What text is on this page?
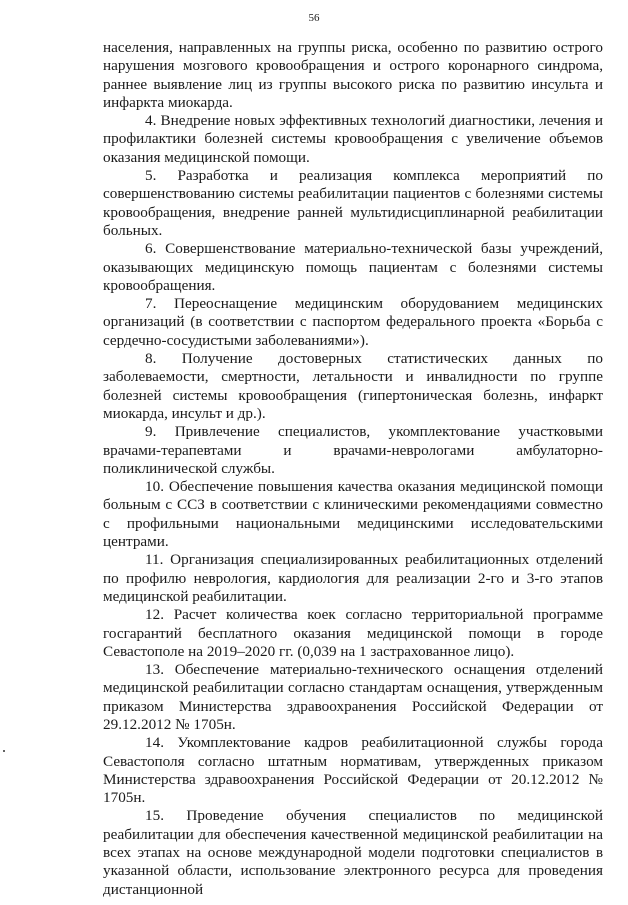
56

населения, направленных на группы риска, особенно по развитию острого нарушения мозгового кровообращения и острого коронарного синдрома, раннее выявление лиц из группы высокого риска по развитию инсульта и инфаркта миокарда.

4. Внедрение новых эффективных технологий диагностики, лечения и профилактики болезней системы кровообращения с увеличение объемов оказания медицинской помощи.

5. Разработка и реализация комплекса мероприятий по совершенствованию системы реабилитации пациентов с болезнями системы кровообращения, внедрение ранней мультидисциплинарной реабилитации больных.

6. Совершенствование материально-технической базы учреждений, оказывающих медицинскую помощь пациентам с болезнями системы кровообращения.

7. Переоснащение медицинским оборудованием медицинских организаций (в соответствии с паспортом федерального проекта «Борьба с сердечно-сосудистыми заболеваниями»).

8. Получение достоверных статистических данных по заболеваемости, смертности, летальности и инвалидности по группе болезней системы кровообращения (гипертоническая болезнь, инфаркт миокарда, инсульт и др.).

9. Привлечение специалистов, укомплектование участковыми врачами-терапевтами и врачами-неврологами амбулаторно-поликлинической службы.

10. Обеспечение повышения качества оказания медицинской помощи больным с ССЗ в соответствии с клиническими рекомендациями совместно с профильными национальными медицинскими исследовательскими центрами.

11. Организация специализированных реабилитационных отделений по профилю неврология, кардиология для реализации 2-го и 3-го этапов медицинской реабилитации.

12. Расчет количества коек согласно территориальной программе госгарантий бесплатного оказания медицинской помощи в городе Севастополе на 2019–2020 гг. (0,039 на 1 застрахованное лицо).

13. Обеспечение материально-технического оснащения отделений медицинской реабилитации согласно стандартам оснащения, утвержденным приказом Министерства здравоохранения Российской Федерации от 29.12.2012 № 1705н.

14. Укомплектование кадров реабилитационной службы города Севастополя согласно штатным нормативам, утвержденных приказом Министерства здравоохранения Российской Федерации от 20.12.2012 № 1705н.

15. Проведение обучения специалистов по медицинской реабилитации для обеспечения качественной медицинской реабилитации на всех этапах на основе международной модели подготовки специалистов в указанной области, использование электронного ресурса для проведения дистанционной
